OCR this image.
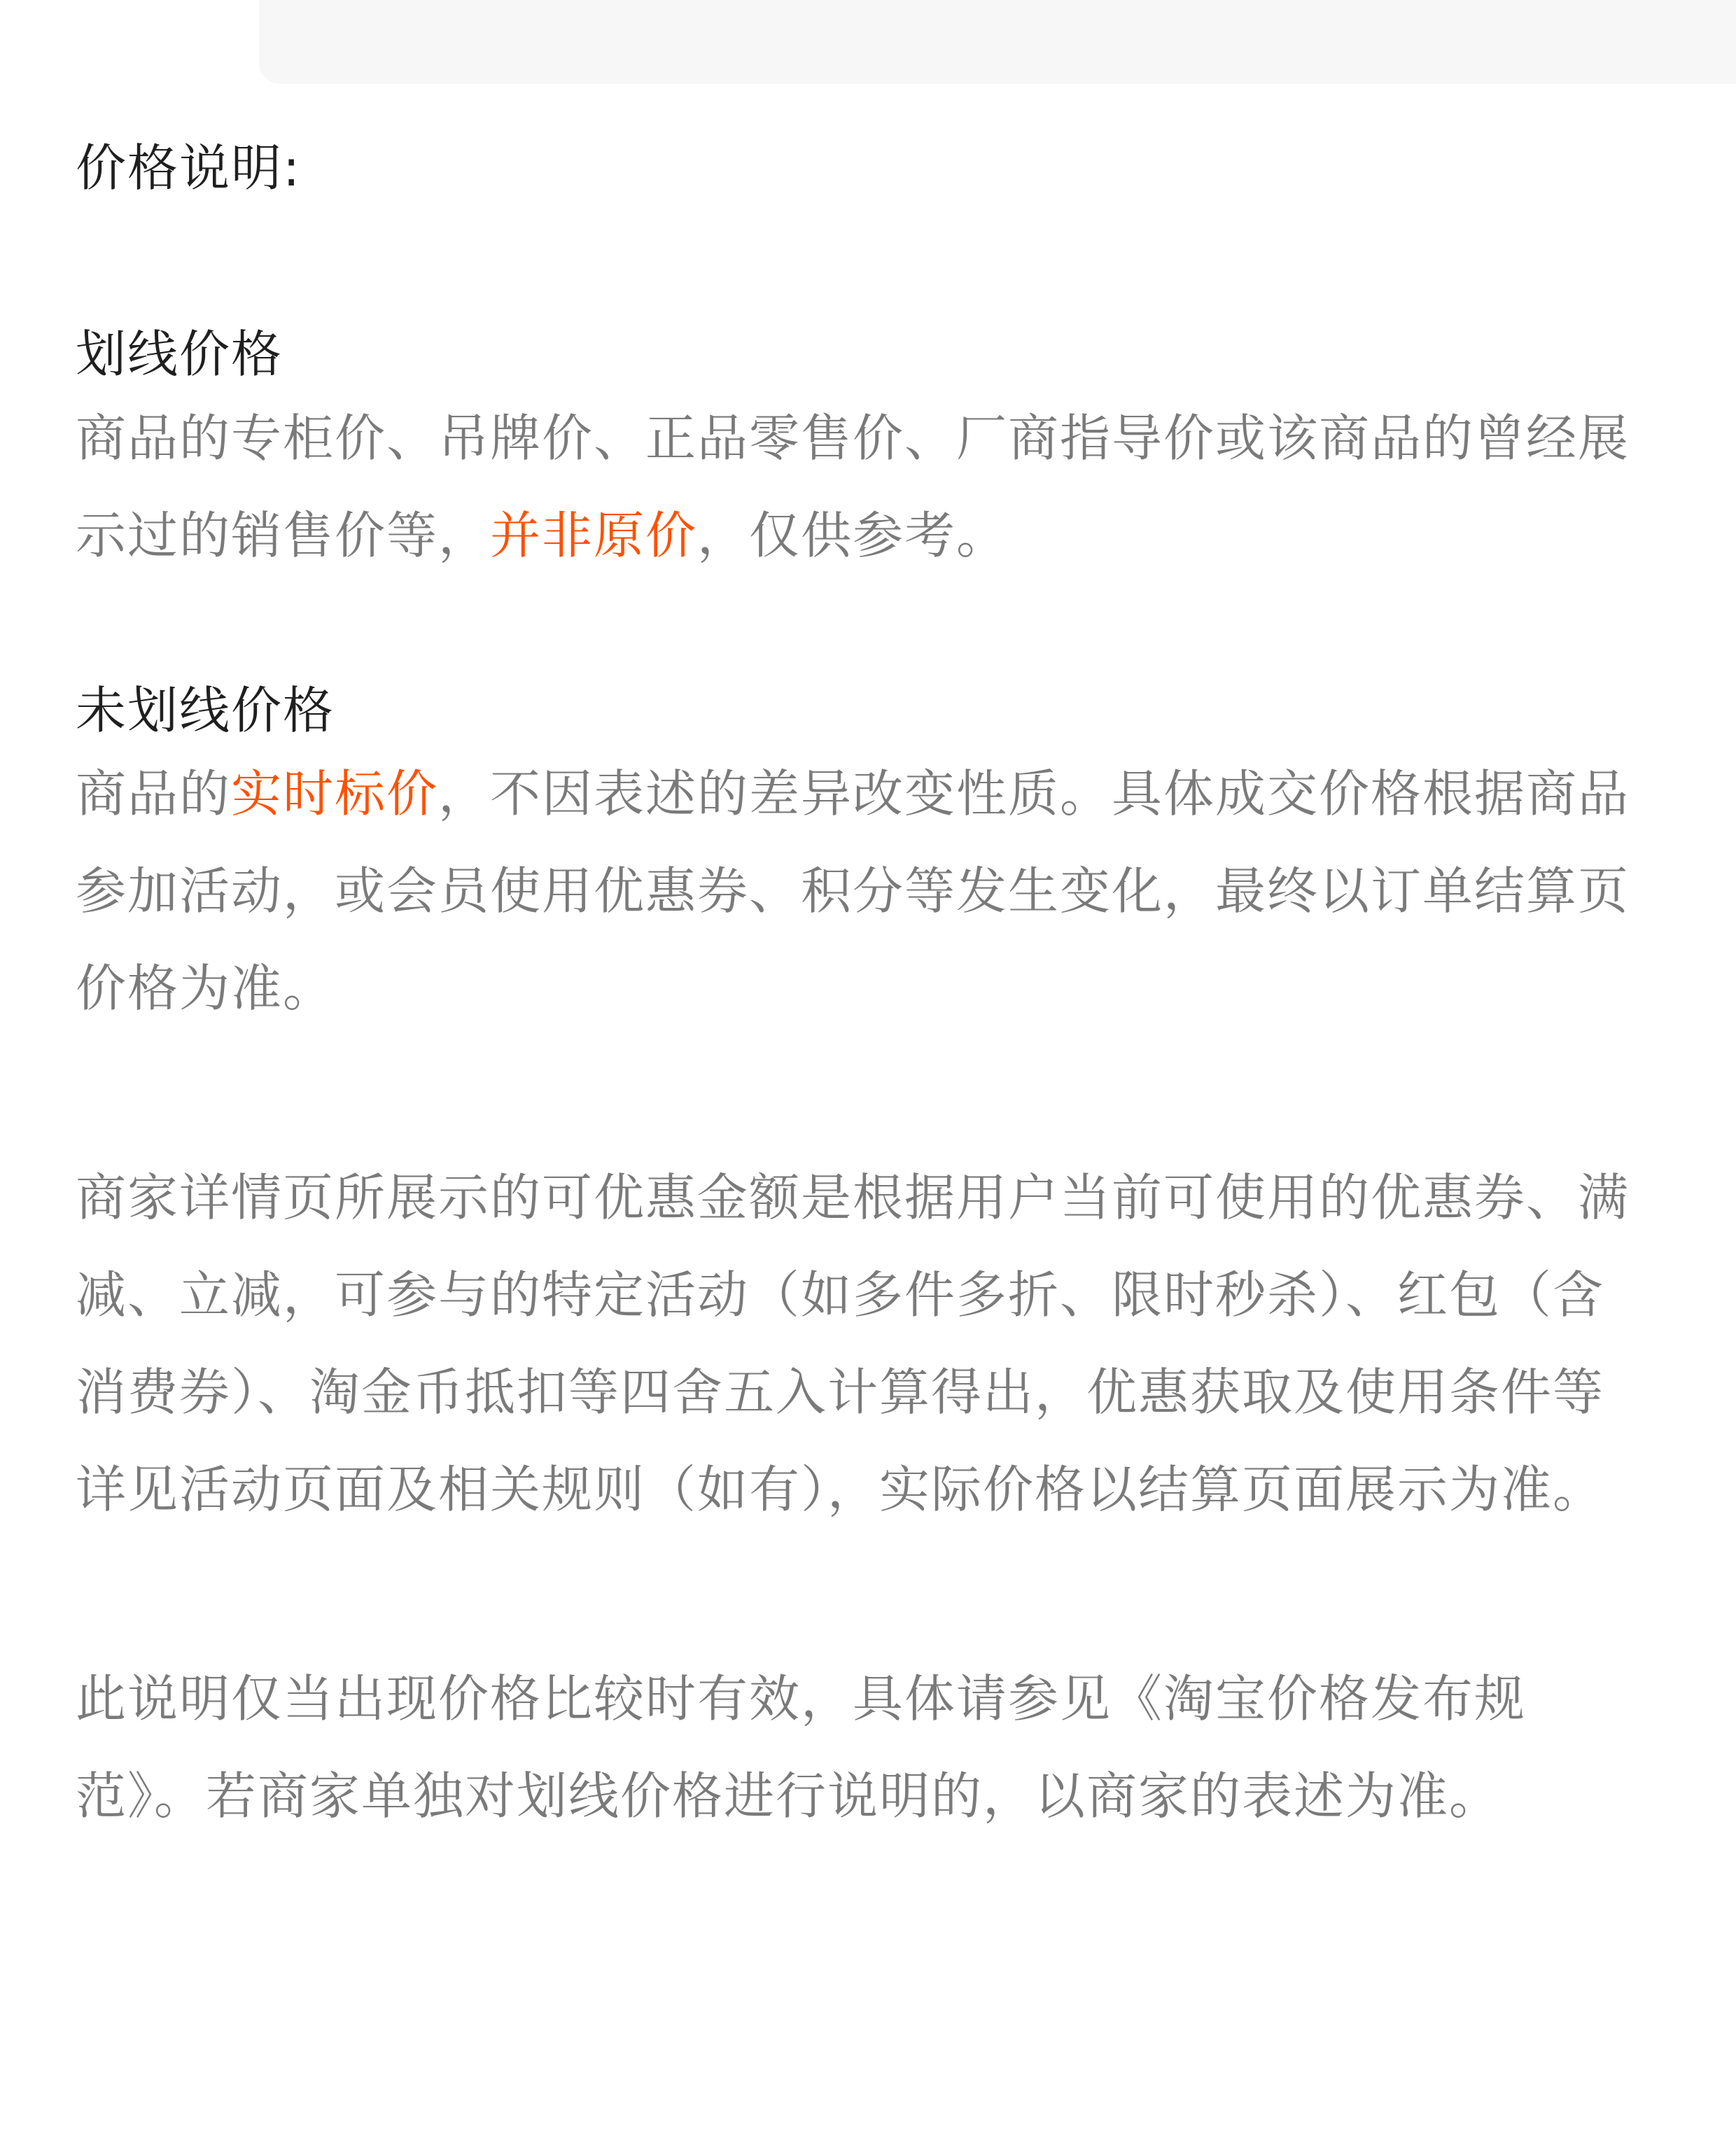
价格说明:
划线价格

商品的专柜价、吊牌价、正品零售价、厂商指导价或该商品的曾经展示过的销售价等，并非原价，仅供参考。

未划线价格

商品的实时标价，不因表述的差异改变性质。具体成交价格根据商品参加活动，或会员使用优惠券、积分等发生变化，最终以订单结算页价格为准。

商家详情页所展示的可优惠金额是根据用户当前可使用的优惠券、满减、立减，可参与的特定活动（如多件多折、限时秒杀）、红包（含消费券）、淘金币抵扣等四舍五入计算得出，优惠获取及使用条件等详见活动页面及相关规则（如有），实际价格以结算页面展示为准。

此说明仅当出现价格比较时有效，具体请参见《淘宝价格发布规范》。若商家单独对划线价格进行说明的，以商家的表述为准。
